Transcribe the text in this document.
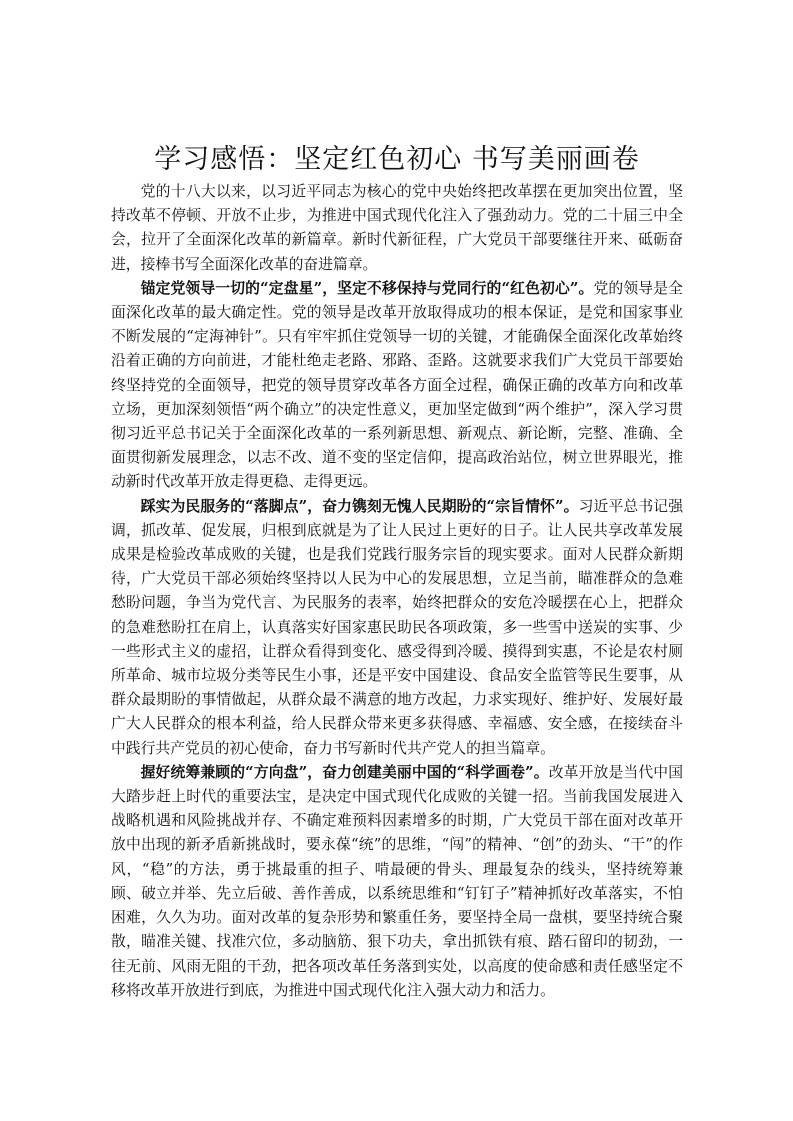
学习感悟：坚定红色初心 书写美丽画卷

党的十八大以来，以习近平同志为核心的党中央始终把改革摆在更加突出位置，坚持改革不停顿、开放不止步，为推进中国式现代化注入了强劲动力。党的二十届三中全会，拉开了全面深化改革的新篇章。新时代新征程，广大党员干部要继往开来、砥砺奋进，接棒书写全面深化改革的奋进篇章。

锚定党领导一切的“定盘星”，坚定不移保持与党同行的“红色初心”。党的领导是全面深化改革的最大确定性。党的领导是改革开放取得成功的根本保证，是党和国家事业不断发展的“定海神针”。只有牢牢抓住党领导一切的关键，才能确保全面深化改革始终沿着正确的方向前进，才能杜绝走老路、邪路、歪路。这就要求我们广大党员干部要始终坚持党的全面领导，把党的领导贯穿改革各方面全过程，确保正确的改革方向和改革立场，更加深刻领悟“两个确立”的决定性意义，更加坚定做到“两个维护”，深入学习贯彻习近平总书记关于全面深化改革的一系列新思想、新观点、新论断，完整、准确、全面贯彻新发展理念，以志不改、道不变的坚定信仰，提高政治站位，树立世界眼光，推动新时代改革开放走得更稳、走得更远。

踩实为民服务的“落脚点”，奋力镌刻无愧人民期盼的“宗旨情怀”。习近平总书记强调，抓改革、促发展，归根到底就是为了让人民过上更好的日子。让人民共享改革发展成果是检验改革成败的关键，也是我们党践行服务宗旨的现实要求。面对人民群众新期待，广大党员干部必须始终坚持以人民为中心的发展思想，立足当前，瞄准群众的急难愁盼问题，争当为党代言、为民服务的表率，始终把群众的安危冷暖摆在心上，把群众的急难愁盼扛在肩上，认真落实好国家惠民助民各项政策，多一些雪中送炭的实事、少一些形式主义的虚招，让群众看得到变化、感受得到冷暖、摸得到实惠，不论是农村厕所革命、城市垃圾分类等民生小事，还是平安中国建设、食品安全监管等民生要事，从群众最期盼的事情做起，从群众最不满意的地方改起，力求实现好、维护好、发展好最广大人民群众的根本利益，给人民群众带来更多获得感、幸福感、安全感，在接续奋斗中践行共产党员的初心使命，奋力书写新时代共产党人的担当篇章。

握好统筹兼顾的“方向盘”，奋力创建美丽中国的“科学画卷”。改革开放是当代中国大踏步赶上时代的重要法宝，是决定中国式现代化成败的关键一招。当前我国发展进入战略机遇和风险挑战并存、不确定难预料因素增多的时期，广大党员干部在面对改革开放中出现的新矛盾新挑战时，要永葆“统”的思维，“闯”的精神、“创”的劲头、“干”的作风，“稳”的方法，勇于挑最重的担子、啃最硬的骨头、理最复杂的线头，坚持统筹兼顾、破立并举、先立后破、善作善成，以系统思维和“钉钉子”精神抓好改革落实，不怕困难，久久为功。面对改革的复杂形势和繁重任务，要坚持全局一盘棋，要坚持统合聚散，瞄准关键、找准穴位，多动脑筋、狠下功夫，拿出抓铁有痕、踏石留印的韧劲，一往无前、风雨无阻的干劲，把各项改革任务落到实处，以高度的使命感和责任感坚定不移将改革开放进行到底，为推进中国式现代化注入强大动力和活力。
